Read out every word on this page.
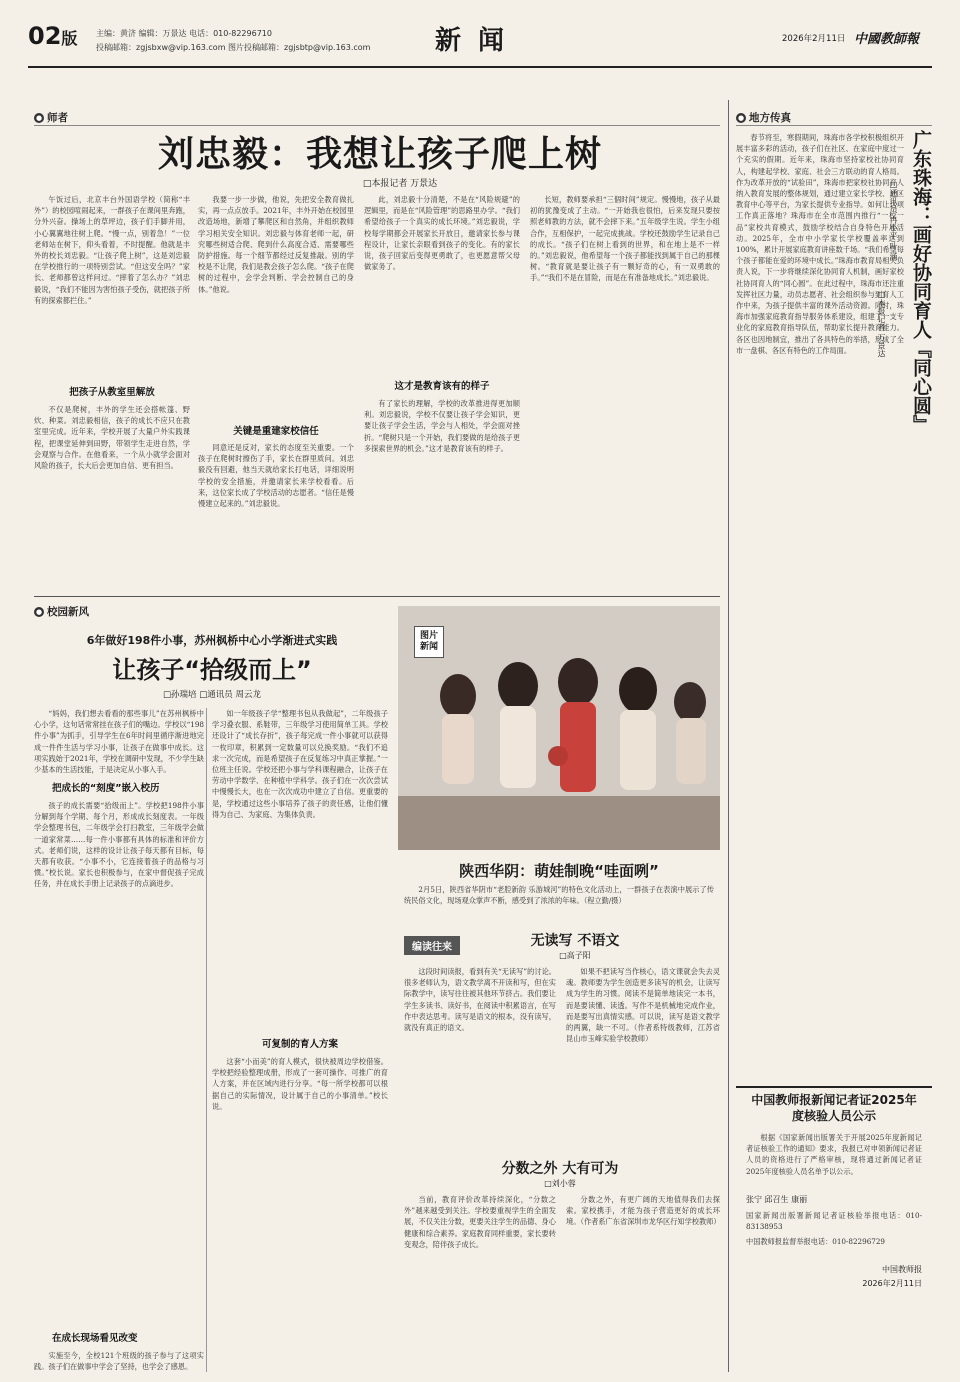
02版 主编：黄济 编辑：万景达 电话：010-82296710
投稿邮箱：zgjsbxw@vip.163.com 图片投稿邮箱：zgjsbtp@vip.163.com 新 闻	2026年2月11日 中國教師報
● 师者
刘忠毅：我想让孩子爬上树
□本报记者 万景达

午饭过后，北京丰台外国语学校（简称“丰外”）的校园喧闹起来，一群孩子在课间里奔跑，分外兴奋。操场上的草坪边，孩子们手脚并用，小心翼翼地往树上爬。“慢一点，别着急！”一位老师站在树下，仰头看着，不时提醒。他就是丰外的校长刘忠毅。“让孩子爬上树”，这是刘忠毅在学校推行的一项特别尝试。“但这安全吗？”家长、老师都曾这样问过。“摔着了怎么办？”刘忠毅说，“我们不能因为害怕孩子受伤，就把孩子所有的探索都拦住。”

把孩子从教室里解放

不仅是爬树，丰外的学生还会搭帐篷、野炊、种菜。刘忠毅相信，孩子的成长不应只在教室里完成。近年来，学校开展了大量户外实践课程，把课堂延伸到田野，带领学生走进自然，学会观察与合作。在他看来，一个从小就学会面对风险的孩子，长大后会更加自信、更有担当。

我要一步一步做，他说，先把安全教育做扎实，再一点点放手。2021年，丰外开始在校园里改造场地，新增了攀爬区和自然角，并组织教师学习相关安全知识。刘忠毅与体育老师一起，研究哪些树适合爬、爬到什么高度合适、需要哪些防护措施。每一个细节都经过反复推敲。别的学校是不让爬，我们是教会孩子怎么爬。“孩子在爬树的过程中，会学会判断、学会控制自己的身体。”他说。

关键是重建家校信任

同意还是反对，家长的态度至关重要。一个孩子在爬树时擦伤了手，家长在群里质问。刘忠毅没有回避，他当天就给家长打电话，详细说明学校的安全措施，并邀请家长来学校看看。后来，这位家长成了学校活动的志愿者。“信任是慢慢建立起来的。”刘忠毅说。

此，刘忠毅十分清楚，不是在“风险规避”的逻辑里，而是在“风险管理”的思路里办学。“我们希望给孩子一个真实的成长环境。”刘忠毅说，学校每学期都会开展家长开放日，邀请家长参与课程设计，让家长亲眼看到孩子的变化。有的家长说，孩子回家后变得更勇敢了，也更愿意帮父母做家务了。

这才是教育该有的样子

有了家长的理解，学校的改革推进得更加顺利。刘忠毅说，学校不仅要让孩子学会知识，更要让孩子学会生活，学会与人相处，学会面对挫折。“爬树只是一个开始，我们要做的是给孩子更多探索世界的机会。”这才是教育该有的样子。

长短，教师要承担“三個时间”规定。慢慢地，孩子从最初的犹豫变成了主动。“一开始我也很怕，后来发现只要按照老师教的方法，就不会摔下来。”五年级学生说。学生小组合作，互相保护，一起完成挑战。学校还鼓励学生记录自己的成长。“孩子们在树上看到的世界，和在地上是不一样的。”刘忠毅说，他希望每一个孩子都能找到属于自己的那棵树。“教育就是要让孩子有一颗好奇的心，有一双勇敢的手。”“我们不是在冒险，而是在有准备地成长。”刘忠毅说。

● 校园新风
6年做好198件小事，苏州枫桥中心小学渐进式实践
让孩子“拾级而上”
□孙瑞培 □通讯员 周云龙

“妈妈，我们想去看看的那些事儿”在苏州枫桥中心小学，这句话常常挂在孩子们的嘴边。学校以“198件小事”为抓手，引导学生在6年时间里循序渐进地完成一件件生活与学习小事，让孩子在做事中成长。这项实践始于2021年，学校在调研中发现，不少学生缺少基本的生活技能，于是决定从小事入手。

把成长的“刻度”嵌入校历

孩子的成长需要“拾级而上”。学校把198件小事分解到每个学期、每个月，形成成长刻度表。一年级学会整理书包，二年级学会打扫教室，三年级学会做一道家常菜……每一件小事都有具体的标准和评价方式。老师们说，这样的设计让孩子每天都有目标，每天都有收获。“小事不小，它连接着孩子的品格与习惯。”校长说。家长也积极参与，在家中督促孩子完成任务，并在成长手册上记录孩子的点滴进步。

在成长现场看见改变

实施至今，全校121个班级的孩子参与了这项实践。孩子们在做事中学会了坚持，也学会了感恩。

如一年级孩子学“整理书包从我做起”，二年级孩子学习叠衣服、系鞋带，三年级学习使用简单工具。学校还设计了“成长存折”，孩子每完成一件小事就可以获得一枚印章，积累到一定数量可以兑换奖励。“我们不追求一次完成，而是希望孩子在反复练习中真正掌握。”一位班主任说。学校还把小事与学科课程融合，让孩子在劳动中学数学、在种植中学科学。孩子们在一次次尝试中慢慢长大，也在一次次成功中建立了自信。更重要的是，学校通过这些小事培养了孩子的责任感，让他们懂得为自己、为家庭、为集体负责。

可复制的育人方案

这套“小而美”的育人模式，很快被周边学校借鉴。学校把经验整理成册，形成了一套可操作、可推广的育人方案，并在区域内进行分享。“每一所学校都可以根据自己的实际情况，设计属于自己的小事清单。”校长说。

图片新闻
陕西华阴：萌娃制晚“哇面咧”

2月5日，陕西省华阴市“老腔新韵 乐游城河”的特色文化活动上，一群孩子在表演中展示了传统民俗文化，现场观众掌声不断，感受到了浓浓的年味。（程立勤/摄）

编读往来	无读写 不语文
□高子阳

这段时间读报，看到有关“无读写”的讨论。很多老师认为，语文教学离不开读和写，但在实际教学中，读写往往被其他环节挤占。我们要让学生多读书、读好书，在阅读中积累语言，在写作中表达思考。读写是语文的根本，没有读写，就没有真正的语文。

如果不把读写当作核心，语文课就会失去灵魂。教师要为学生创造更多读写的机会，让读写成为学生的习惯。阅读不是简单地读完一本书，而是要读懂、读透。写作不是机械地完成作业，而是要写出真情实感。可以说，读写是语文教学的两翼，缺一不可。（作者系特级教师，江苏省昆山市玉峰实验学校教师）

分数之外 大有可为
□刘小蓉

当前，教育评价改革持续深化，“分数之外”越来越受到关注。学校要重视学生的全面发展，不仅关注分数，更要关注学生的品德、身心健康和综合素养。家庭教育同样重要，家长要转变观念，陪伴孩子成长。

分数之外，有更广阔的天地值得我们去探索。家校携手，才能为孩子营造更好的成长环境。（作者系广东省深圳市龙华区行知学校教师）

● 地方传真

春节将至，寒假期间，珠海市各学校积极组织开展丰富多彩的活动，孩子们在社区、在家庭中度过一个充实的假期。近年来，珠海市坚持家校社协同育人，构建起学校、家庭、社会三方联动的育人格局。作为改革开放的“试验田”，珠海市把家校社协同育人纳入教育发展的整体规划，通过建立家长学校、社区教育中心等平台，为家长提供专业指导。如何让这项工作真正落地？珠海市在全市范围内推行“一校一品”家校共育模式，鼓励学校结合自身特色开展活动。2025年，全市中小学家长学校覆盖率达到100%，累计开展家庭教育讲座数千场。“我们希望每个孩子都能在爱的环境中成长。”珠海市教育局相关负责人说，下一步将继续深化协同育人机制，画好家校社协同育人的“同心圆”。在此过程中，珠海市还注重发挥社区力量，动员志愿者、社会组织参与到育人工作中来，为孩子提供丰富的课外活动资源。同时，珠海市加强家庭教育指导服务体系建设，组建了一支专业化的家庭教育指导队伍，帮助家长提升教育能力。各区也因地制宜，推出了各具特色的举措，形成了全市一盘棋、各区有特色的工作局面。	广东珠海：画好协同育人『同心圆』
□通讯员 冉小平 叶 涵
□本报记者 万景达
中国教师报新闻记者证2025年度核验人员公示

根据《国家新闻出版署关于开展2025年度新闻记者证核验工作的通知》要求，我报已对申领新闻记者证人员的资格进行了严格审核，现将通过新闻记者证2025年度核验人员名单予以公示。

张宁 邱召生 康丽
国家新闻出版署新闻记者证核验举报电话：010-83138953
中国教师报监督举报电话：010-82296729
中国教师报
2026年2月11日
